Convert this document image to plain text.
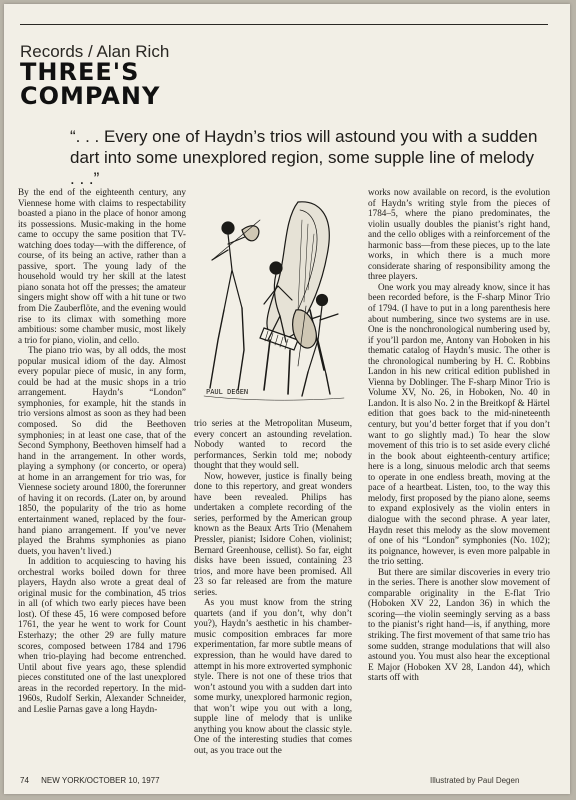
Records / Alan Rich
THREE'S
COMPANY
“. . . Every one of Haydn’s trios will astound you with a sudden dart into some unexplored region, some supple line of melody . . .”

By the end of the eighteenth century, any Viennese home with claims to respectability boasted a piano in the place of honor among its possessions. Music-making in the home came to occupy the same position that TV-watching does today—with the difference, of course, of its being an active, rather than a passive, sport. The young lady of the household would try her skill at the latest piano sonata hot off the presses; the amateur singers might show off with a hit tune or two from Die Zauberflöte, and the evening would rise to its climax with something more ambitious: some chamber music, most likely a trio for piano, violin, and cello.

The piano trio was, by all odds, the most popular musical idiom of the day. Almost every popular piece of music, in any form, could be had at the music shops in a trio arrangement. Haydn’s “London” symphonies, for example, hit the stands in trio versions almost as soon as they had been composed. So did the Beethoven symphonies; in at least one case, that of the Second Symphony, Beethoven himself had a hand in the arrangement. In other words, playing a symphony (or concerto, or opera) at home in an arrangement for trio was, for Viennese society around 1800, the forerunner of having it on records. (Later on, by around 1850, the popularity of the trio as home entertainment waned, replaced by the four-hand piano arrangement. If you’ve never played the Brahms symphonies as piano duets, you haven’t lived.)

In addition to acquiescing to having his orchestral works boiled down for three players, Haydn also wrote a great deal of original music for the combination, 45 trios in all (of which two early pieces have been lost). Of these 45, 16 were composed before 1761, the year he went to work for Count Esterhazy; the other 29 are fully mature scores, composed between 1784 and 1796 when trio-playing had become entrenched. Until about five years ago, these splendid pieces constituted one of the last unexplored areas in the recorded repertory. In the mid-1960s, Rudolf Serkin, Alexander Schneider, and Leslie Parnas gave a long Haydn-

PAUL DEGEN

trio series at the Metropolitan Museum, every concert an astounding revelation. Nobody wanted to record the performances, Serkin told me; nobody thought that they would sell.

Now, however, justice is finally being done to this repertory, and great wonders have been revealed. Philips has undertaken a complete recording of the series, performed by the American group known as the Beaux Arts Trio (Menahem Pressler, pianist; Isidore Cohen, violinist; Bernard Greenhouse, cellist). So far, eight disks have been issued, containing 23 trios, and more have been promised. All 23 so far released are from the mature series.

As you must know from the string quartets (and if you don’t, why don’t you?), Haydn’s aesthetic in his chamber-music composition embraces far more experimentation, far more subtle means of expression, than he would have dared to attempt in his more extroverted symphonic style. There is not one of these trios that won’t astound you with a sudden dart into some murky, unexplored harmonic region, that won’t wipe you out with a long, supple line of melody that is unlike anything you know about the classic style. One of the interesting studies that comes out, as you trace out the

works now available on record, is the evolution of Haydn’s writing style from the pieces of 1784–5, where the piano predominates, the violin usually doubles the pianist’s right hand, and the cello obliges with a reinforcement of the harmonic bass—from these pieces, up to the late works, in which there is a much more considerate sharing of responsibility among the three players.

One work you may already know, since it has been recorded before, is the F-sharp Minor Trio of 1794. (I have to put in a long parenthesis here about numbering, since two systems are in use. One is the nonchronological numbering used by, if you’ll pardon me, Antony van Hoboken in his thematic catalog of Haydn’s music. The other is the chronological numbering by H. C. Robbins Landon in his new critical edition published in Vienna by Doblinger. The F-sharp Minor Trio is Volume XV, No. 26, in Hoboken, No. 40 in Landon. It is also No. 2 in the Breitkopf & Härtel edition that goes back to the mid-nineteenth century, but you’d better forget that if you don’t want to go slightly mad.) To hear the slow movement of this trio is to set aside every cliché in the book about eighteenth-century artifice; here is a long, sinuous melodic arch that seems to operate in one endless breath, moving at the pace of a heartbeat. Listen, too, to the way this melody, first proposed by the piano alone, seems to expand explosively as the violin enters in dialogue with the second phrase. A year later, Haydn reset this melody as the slow movement of one of his “London” symphonies (No. 102); its poignance, however, is even more palpable in the trio setting.

But there are similar discoveries in every trio in the series. There is another slow movement of comparable originality in the E-flat Trio (Hoboken XV 22, Landon 36) in which the scoring—the violin seemingly serving as a bass to the pianist’s right hand—is, if anything, more striking. The first movement of that same trio has some sudden, strange modulations that will also astound you. You must also hear the exceptional E Major (Hoboken XV 28, Landon 44), which starts off with

74 NEW YORK/OCTOBER 10, 1977	Illustrated by Paul Degen
